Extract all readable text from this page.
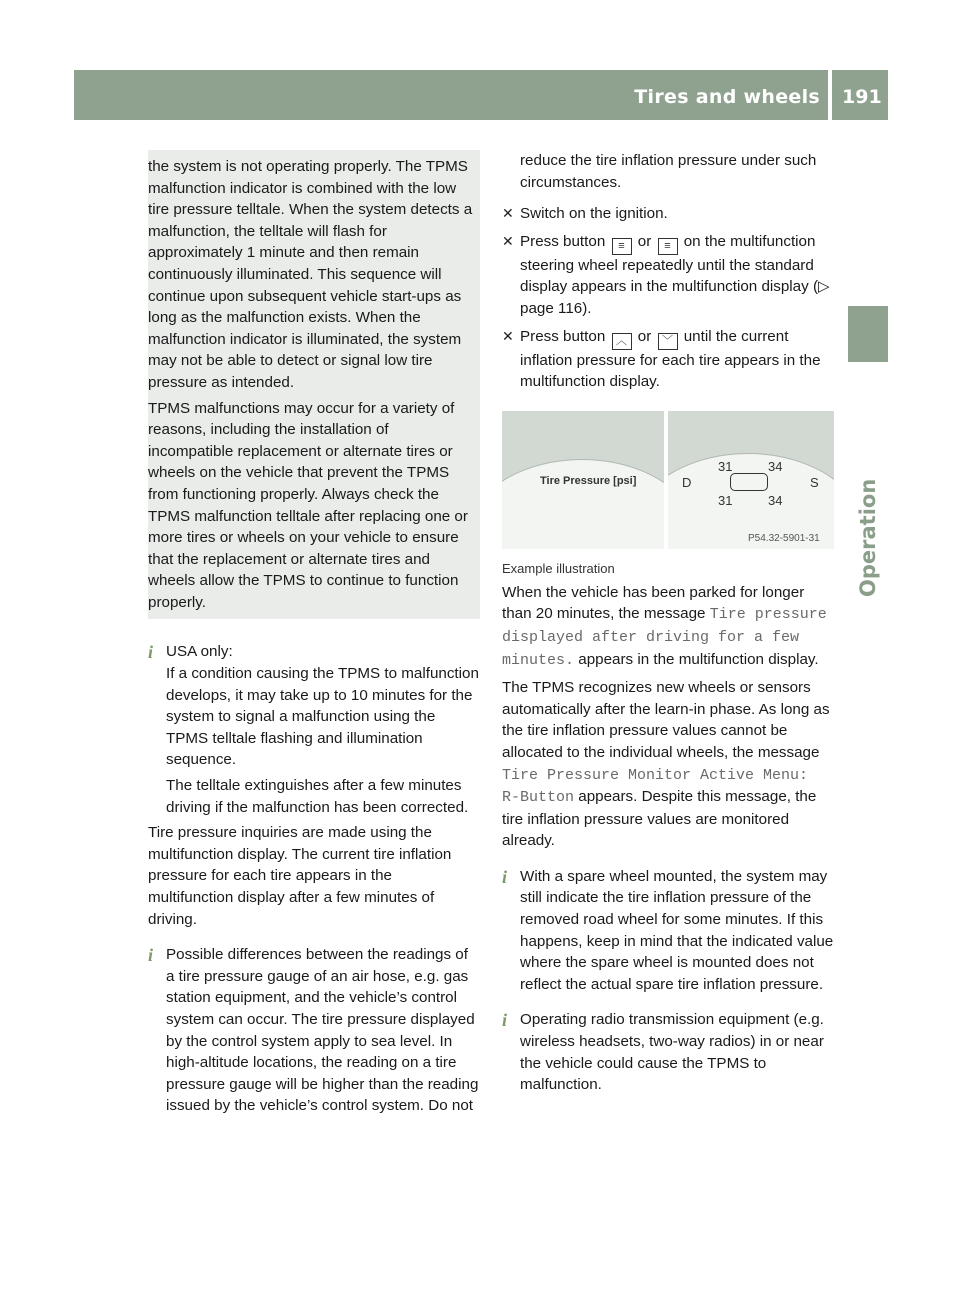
Tires and wheels 191
Operation

the system is not operating properly. The TPMS malfunction indicator is combined with the low tire pressure telltale. When the system detects a malfunction, the telltale will flash for approximately 1 minute and then remain continuously illuminated. This sequence will continue upon subsequent vehicle start-ups as long as the malfunction exists. When the malfunction indicator is illuminated, the system may not be able to detect or signal low tire pressure as intended.

TPMS malfunctions may occur for a variety of reasons, including the installation of incompatible replacement or alternate tires or wheels on the vehicle that prevent the TPMS from functioning properly. Always check the TPMS malfunction telltale after replacing one or more tires or wheels on your vehicle to ensure that the replacement or alternate tires and wheels allow the TPMS to continue to function properly.

i USA only:

If a condition causing the TPMS to malfunction develops, it may take up to 10 minutes for the system to signal a malfunction using the TPMS telltale flashing and illumination sequence.

The telltale extinguishes after a few minutes driving if the malfunction has been corrected.

Tire pressure inquiries are made using the multifunction display. The current tire inflation pressure for each tire appears in the multifunction display after a few minutes of driving.

i Possible differences between the readings of a tire pressure gauge of an air hose, e.g. gas station equipment, and the vehicle’s control system can occur. The tire pressure displayed by the control system apply to sea level. In high-altitude locations, the reading on a tire pressure gauge will be higher than the reading issued by the vehicle’s control system. Do not

reduce the tire inflation pressure under such circumstances.

✕ Switch on the ignition.

✕ Press button ≡ or ≡ on the multifunction steering wheel repeatedly until the standard display appears in the multifunction display (▷ page 116).

✕ Press button ︿ or ﹀ until the current inflation pressure for each tire appears in the multifunction display.

Tire Pressure [psi]
31	34
D	S
31	34
P54.32-5901-31

Example illustration

When the vehicle has been parked for longer than 20 minutes, the message Tire pressure displayed after driving for a few minutes. appears in the multifunction display.

The TPMS recognizes new wheels or sensors automatically after the learn-in phase. As long as the tire inflation pressure values cannot be allocated to the individual wheels, the message Tire Pressure Monitor Active Menu: R-Button appears. Despite this message, the tire inflation pressure values are monitored already.

i With a spare wheel mounted, the system may still indicate the tire inflation pressure of the removed road wheel for some minutes. If this happens, keep in mind that the indicated value where the spare wheel is mounted does not reflect the actual spare tire inflation pressure.

i Operating radio transmission equipment (e.g. wireless headsets, two-way radios) in or near the vehicle could cause the TPMS to malfunction.
